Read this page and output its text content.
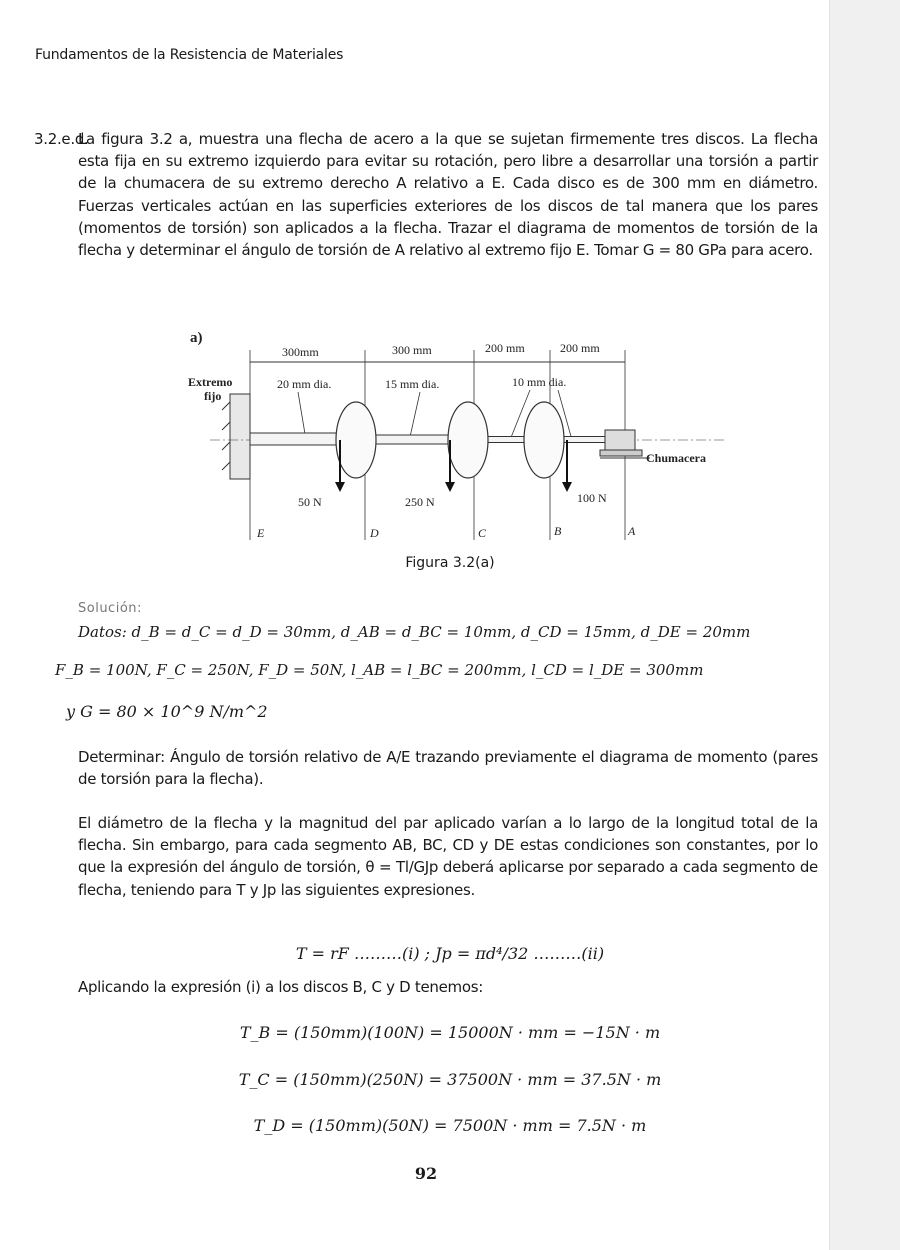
Fundamentos de la Resistencia de Materiales
3.2.e.d.
La figura 3.2 a, muestra una flecha de acero a la que se sujetan firmemente tres discos. La flecha esta fija en su extremo izquierdo para evitar su rotación, pero libre a desarrollar una torsión a partir de la chumacera de su extremo derecho A relativo a E. Cada disco es de 300 mm en diámetro. Fuerzas verticales actúan en las superficies exteriores de los discos de tal manera que los pares (momentos de torsión) son aplicados a la flecha. Trazar el diagrama de momentos de torsión de la flecha y determinar el ángulo de torsión de A relativo al extremo fijo E. Tomar G = 80 GPa para acero.
a)
Extremo
fijo
300mm	300 mm	200 mm	200 mm
20 mm dia.	15 mm dia.	10 mm dia.
Chumacera
50 N	250 N	100 N
E	D	C	B	A
Figura 3.2(a)
Solución:
Datos: d_B = d_C = d_D = 30mm, d_AB = d_BC = 10mm, d_CD = 15mm, d_DE = 20mm
F_B = 100N, F_C = 250N, F_D = 50N, l_AB = l_BC = 200mm, l_CD = l_DE = 300mm
y G = 80 × 10^9 N/m^2
Determinar: Ángulo de torsión relativo de A/E trazando previamente el diagrama de momento (pares de torsión para la flecha).
El diámetro de la flecha y la magnitud del par aplicado varían a lo largo de la longitud total de la flecha. Sin embargo, para cada segmento AB, BC, CD y DE estas condiciones son constantes, por lo que la expresión del ángulo de torsión, θ = Tl/GJp deberá aplicarse por separado a cada segmento de flecha, teniendo para T y Jp las siguientes expresiones.
T = rF ………(i) ; Jp = πd⁴/32 ………(ii)
Aplicando la expresión (i) a los discos B, C y D tenemos:
T_B = (150mm)(100N) = 15000N · mm = −15N · m
T_C = (150mm)(250N) = 37500N · mm = 37.5N · m
T_D = (150mm)(50N) = 7500N · mm = 7.5N · m
92
